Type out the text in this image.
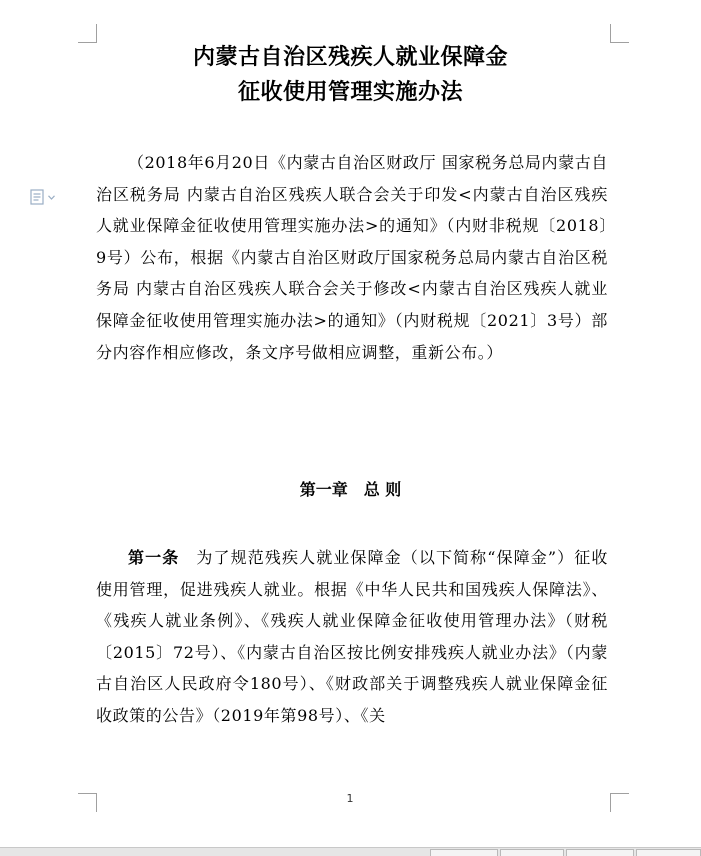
内蒙古自治区残疾人就业保障金
征收使用管理实施办法

（2018年6月20日《内蒙古自治区财政厅 国家税务总局内蒙古自治区税务局 内蒙古自治区残疾人联合会关于印发<内蒙古自治区残疾人就业保障金征收使用管理实施办法>的通知》（内财非税规〔2018〕9号）公布，根据《内蒙古自治区财政厅国家税务总局内蒙古自治区税务局 内蒙古自治区残疾人联合会关于修改<内蒙古自治区残疾人就业保障金征收使用管理实施办法>的通知》（内财税规〔2021〕3号）部分内容作相应修改，条文序号做相应调整，重新公布。）

第一章　总 则

第一条　为了规范残疾人就业保障金（以下简称“保障金”）征收使用管理，促进残疾人就业。根据《中华人民共和国残疾人保障法》、《残疾人就业条例》、《残疾人就业保障金征收使用管理办法》（财税〔2015〕72号）、《内蒙古自治区按比例安排残疾人就业办法》（内蒙古自治区人民政府令180号）、《财政部关于调整残疾人就业保障金征收政策的公告》（2019年第98号）、《关

1
